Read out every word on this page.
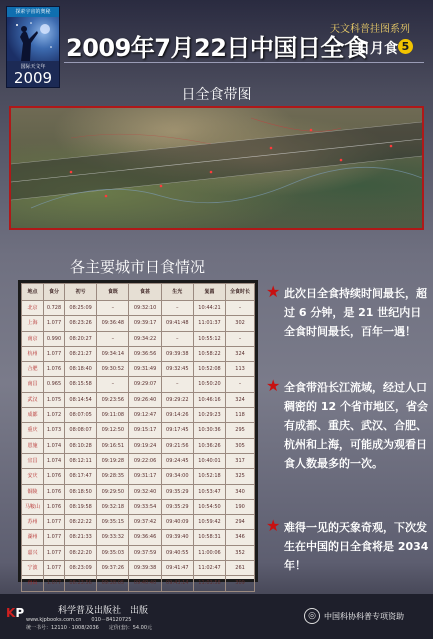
探索宇宙的奥秘
国际天文年
2009
2009年7月22日中国日全食
天文科普挂图系列
日月食 5
日全食带图
各主要城市日食情况
地点	食分	初亏	食既	食甚	生光	复圆	全食时长
北京	0.728	08:25:09	–	09:32:10	–	10:44:21	–
上海	1.077	08:23:26	09:36:48	09:39:17	09:41:48	11:01:37	302
南京	0.990	08:20:27	–	09:34:22	–	10:55:12	–
杭州	1.077	08:21:27	09:34:14	09:36:56	09:39:38	10:58:22	324
合肥	1.076	08:18:40	09:30:52	09:31:49	09:32:45	10:52:08	113
南昌	0.965	08:15:58	–	09:29:07	–	10:50:20	–
武汉	1.075	08:14:54	09:23:56	09:26:40	09:29:22	10:46:16	324
成都	1.072	08:07:05	09:11:08	09:12:47	09:14:26	10:29:23	118
重庆	1.073	08:08:07	09:12:50	09:15:17	09:17:45	10:30:36	295
恩施	1.074	08:10:28	09:16:51	09:19:24	09:21:56	10:36:26	305
宜昌	1.074	08:12:11	09:19:28	09:22:06	09:24:45	10:40:01	317
安庆	1.076	08:17:47	09:28:35	09:31:17	09:34:00	10:52:18	325
铜陵	1.076	08:18:50	09:29:50	09:32:40	09:35:29	10:53:47	340
马鞍山	1.076	08:19:58	09:32:18	09:33:54	09:35:29	10:54:50	190
苏州	1.077	08:22:22	09:35:15	09:37:42	09:40:09	10:59:42	294
湖州	1.077	08:21:33	09:33:32	09:36:46	09:39:40	10:58:31	346
嘉兴	1.077	08:22:20	09:35:03	09:37:59	09:40:55	11:00:06	352
宁波	1.077	08:23:09	09:37:26	09:39:38	09:41:47	11:02:47	261
舟山	1.077	08:23:56	09:38:05	09:40:40	09:43:14	11:03:58	309
★ 此次日全食持续时间最长，超过 6 分钟，是 21 世纪内日全食时间最长，百年一遇！
★ 全食带沿长江流域，经过人口稠密的 12 个省市地区，省会有成都、重庆、武汉、合肥、杭州和上海，可能成为观看日食人数最多的一次。
★ 难得一见的天象奇观，下次发生在中国的日全食将是 2034 年！
KP	科学普及出版社　出版
www.kjpbooks.com.cn　　010－84120725
统一书号：12110 · 1008/2036　　定价(套)：54.00元
◎	中国科协科普专项资助
